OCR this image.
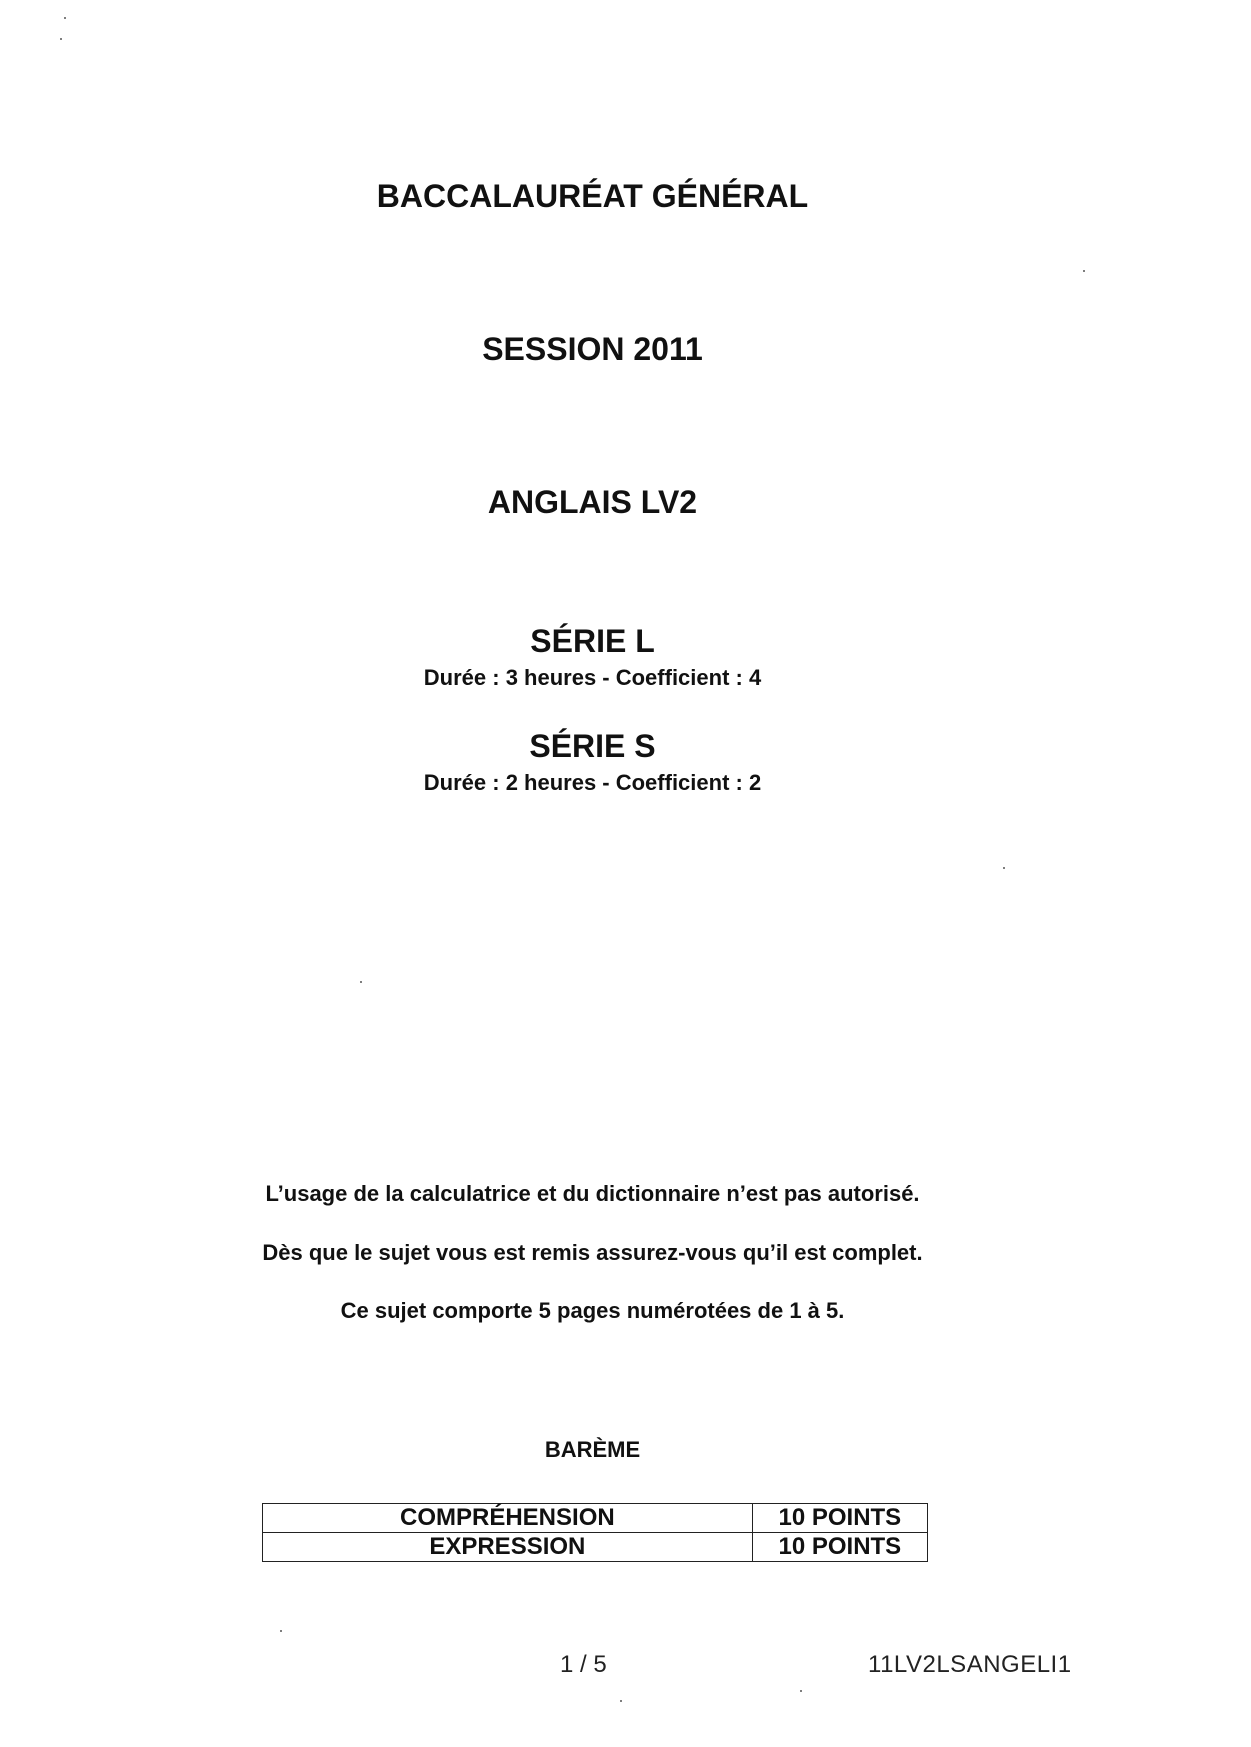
BACCALAURÉAT GÉNÉRAL
SESSION 2011
ANGLAIS LV2
SÉRIE L
Durée : 3 heures - Coefficient : 4
SÉRIE S
Durée : 2 heures - Coefficient : 2
L’usage de la calculatrice et du dictionnaire n’est pas autorisé.
Dès que le sujet vous est remis assurez-vous qu’il est complet.
Ce sujet comporte 5 pages numérotées de 1 à 5.
BARÈME
COMPRÉHENSION	10 POINTS
EXPRESSION	10 POINTS
1 / 5	11LV2LSANGELI1
